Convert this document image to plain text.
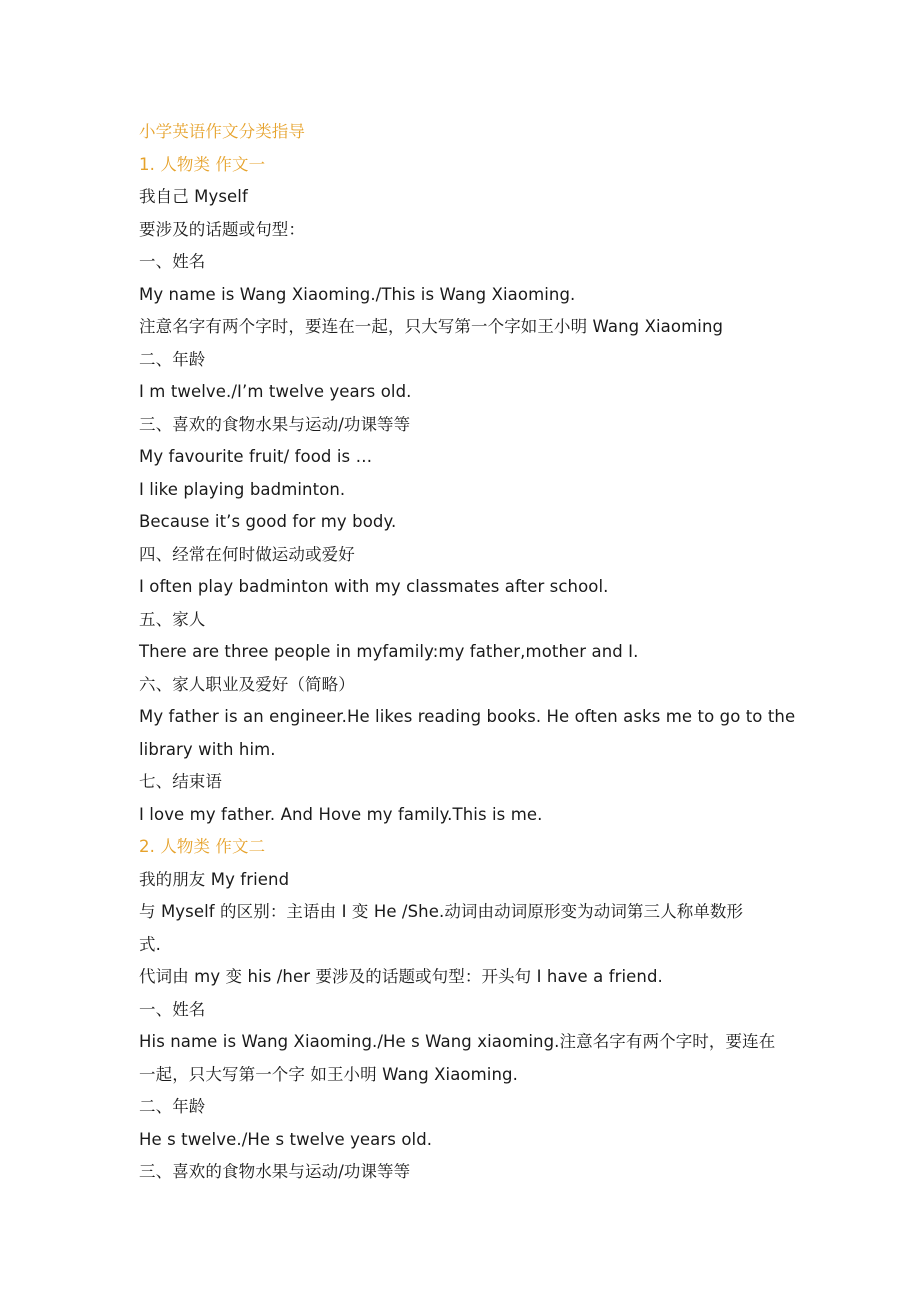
小学英语作文分类指导
1. 人物类 作文一
我自己 Myself
要涉及的话题或句型：
一、姓名
My name is Wang Xiaoming./This is Wang Xiaoming.
注意名字有两个字时，要连在一起，只大写第一个字如王小明 Wang Xiaoming
二、年龄
I m twelve./I’m twelve years old.
三、喜欢的食物水果与运动/功课等等
My favourite fruit/ food is …
I like playing badminton.
Because it’s good for my body.
四、经常在何时做运动或爱好
I often play badminton with my classmates after school.
五、家人
There are three people in myfamily:my father,mother and I.
六、家人职业及爱好（简略）
My father is an engineer.He likes reading books. He often asks me to go to the
library with him.
七、结束语
I love my father. And Hove my family.This is me.
2. 人物类 作文二
我的朋友 My friend
与 Myself 的区别：主语由 I 变 He /She.动词由动词原形变为动词第三人称单数形
式.
代词由 my 变 his /her 要涉及的话题或句型：开头句 I have a friend.
一、姓名
His name is Wang Xiaoming./He s Wang xiaoming.注意名字有两个字时，要连在
一起，只大写第一个字 如王小明 Wang Xiaoming.
二、年龄
He s twelve./He s twelve years old.
三、喜欢的食物水果与运动/功课等等
